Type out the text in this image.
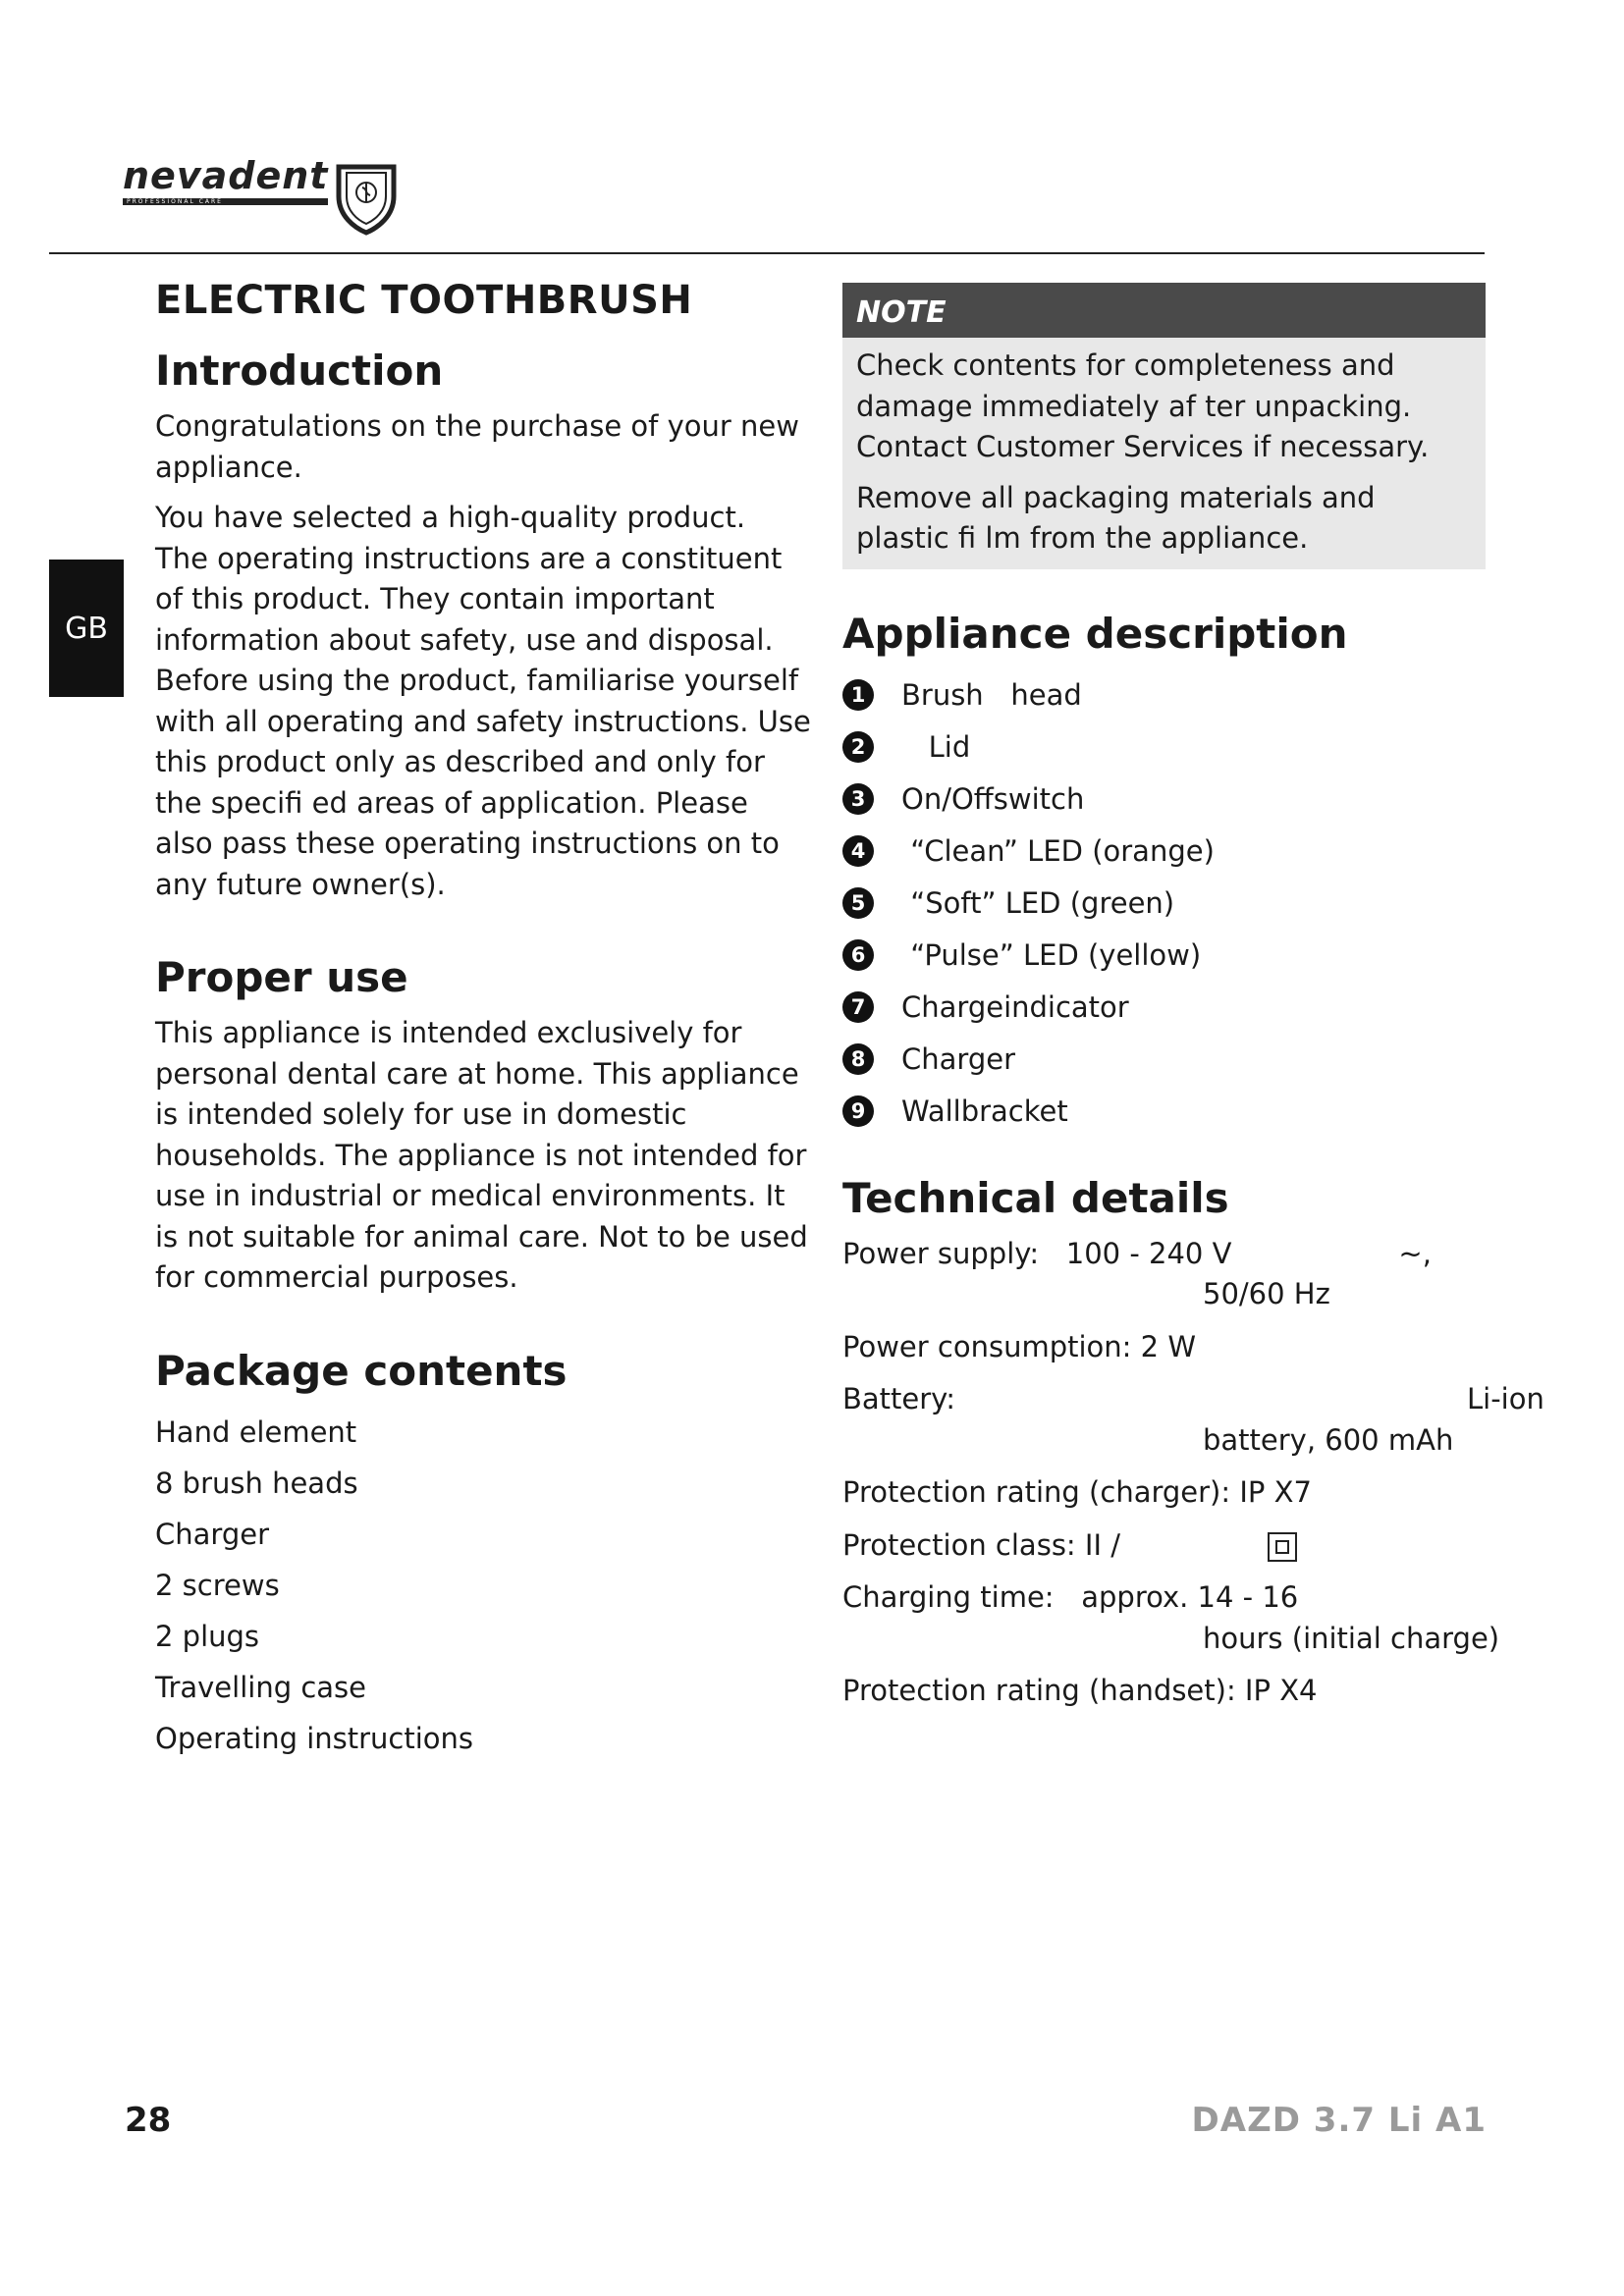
nevadent
PROFESSIONAL CARE
GB
ELECTRIC TOOTHBRUSH
Introduction

Congratulations on the purchase of your new appliance.

You have selected a high-quality product.

The operating instructions are a constituent of this product. They contain important information about safety, use and disposal. Before using the product, familiarise yourself with all operating and safety instructions. Use this product only as described and only for the specifi ed areas of application. Please also pass these operating instructions on to any future owner(s).

Proper use

This appliance is intended exclusively for personal dental care at home. This appliance is intended solely for use in domestic households. The appliance is not intended for use in industrial or medical environments. It is not suitable for animal care. Not to be used for commercial purposes.

Package contents
Hand element
8 brush heads
Charger
2 screws
2 plugs
Travelling case
Operating instructions
NOTE

Check contents for completeness and damage immediately af ter unpacking. Contact Customer Services if necessary.

Remove all packaging materials and plastic fi lm from the appliance.

Appliance description
1 Brush   head
2 Lid
3 On/Offswitch
4 “Clean” LED (orange)
5 “Soft” LED (green)
6 “Pulse” LED (yellow)
7 Chargeindicator
8 Charger
9 Wallbracket
Technical details
Power supply: 100 - 240 V	~,
50/60 Hz
Power consumption: 2 W
Battery:	Li-ion
battery, 600 mAh
Protection rating (charger): IP X7
Protection class: II /
Charging time: approx. 14 - 16
hours (initial charge)
Protection rating (handset): IP X4
28	DAZD 3.7 Li A1
